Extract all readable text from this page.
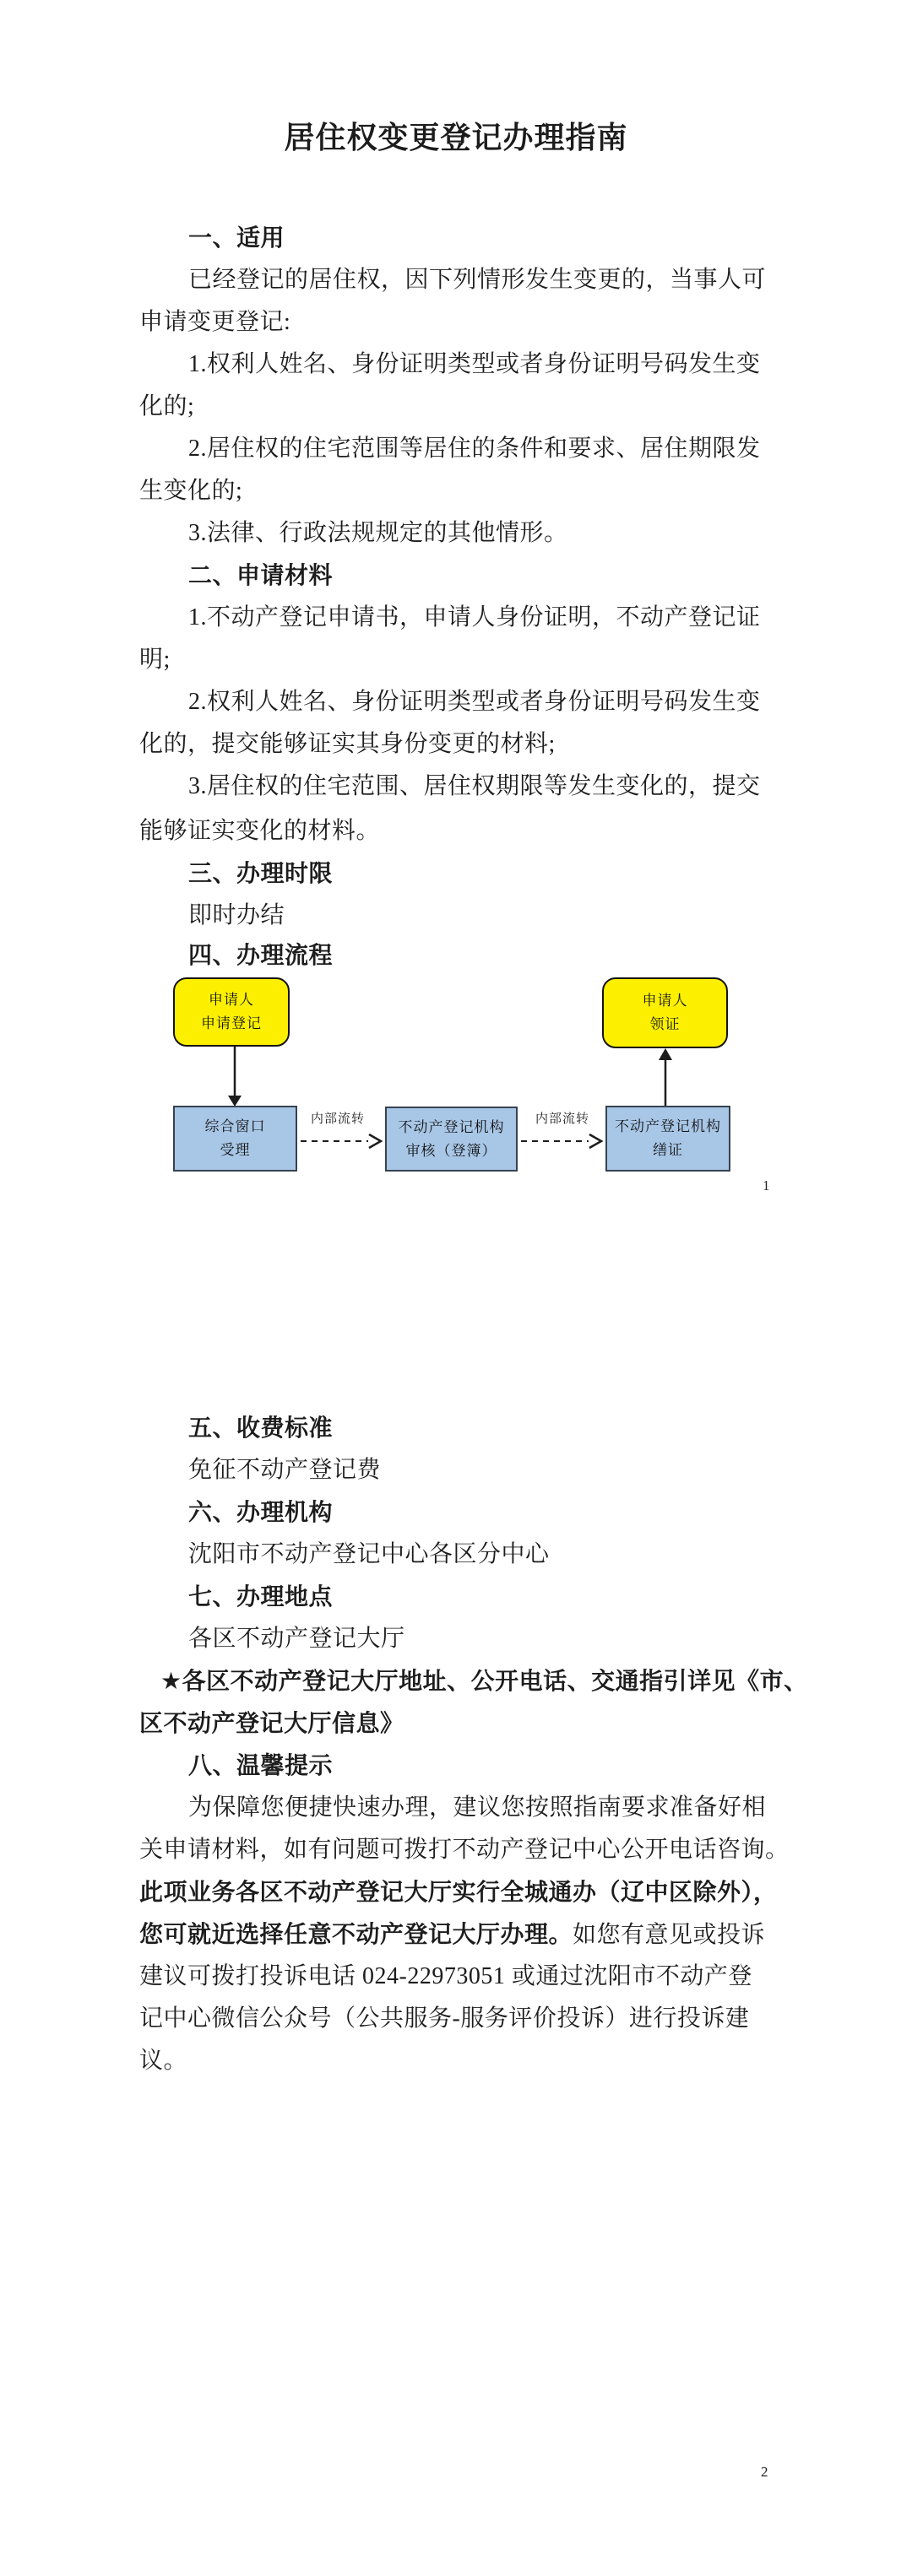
居住权变更登记办理指南
一、适用
已经登记的居住权，因下列情形发生变更的，当事人可
申请变更登记:
1.权利人姓名、身份证明类型或者身份证明号码发生变
化的;
2.居住权的住宅范围等居住的条件和要求、居住期限发
生变化的;
3.法律、行政法规规定的其他情形。
二、申请材料
1.不动产登记申请书，申请人身份证明，不动产登记证
明;
2.权利人姓名、身份证明类型或者身份证明号码发生变
化的，提交能够证实其身份变更的材料;
3.居住权的住宅范围、居住权期限等发生变化的，提交
能够证实变化的材料。
三、办理时限
即时办结
四、办理流程
五、收费标准
免征不动产登记费
六、办理机构
沈阳市不动产登记中心各区分中心
七、办理地点
各区不动产登记大厅
★各区不动产登记大厅地址、公开电话、交通指引详见《市、
区不动产登记大厅信息》
八、温馨提示
为保障您便捷快速办理，建议您按照指南要求准备好相
关申请材料，如有问题可拨打不动产登记中心公开电话咨询。
此项业务各区不动产登记大厅实行全城通办（辽中区除外），
您可就近选择任意不动产登记大厅办理。如您有意见或投诉
建议可拨打投诉电话 024-22973051 或通过沈阳市不动产登
记中心微信公众号（公共服务-服务评价投诉）进行投诉建
议。
申请人
申请登记
申请人
领证
综合窗口
受理
不动产登记机构
审核（登簿）
不动产登记机构
缮证
内部流转	内部流转
1
2
